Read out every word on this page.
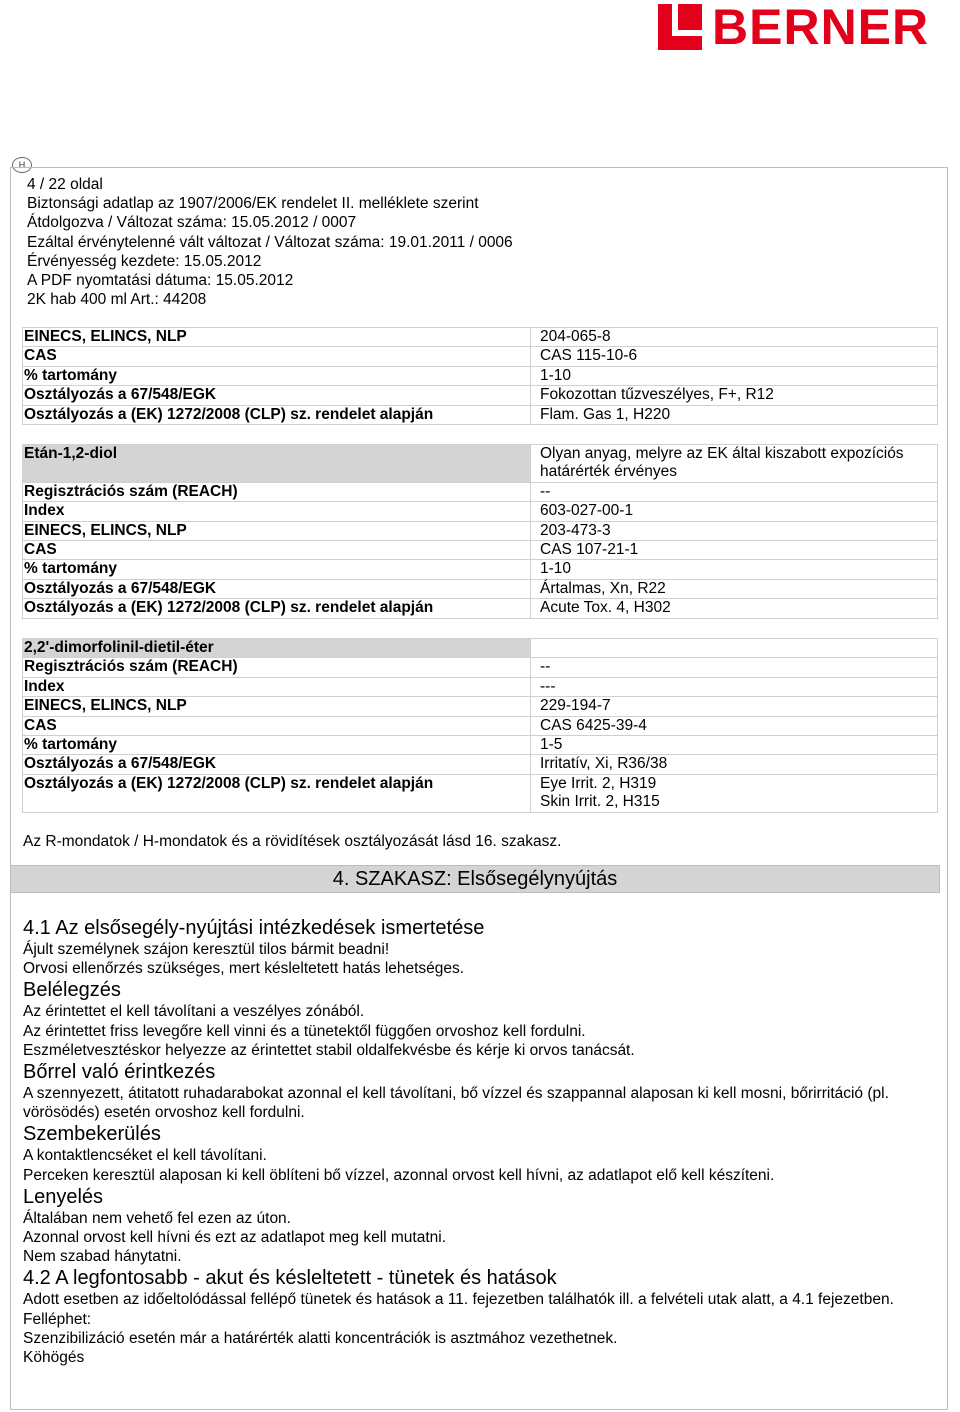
BERNER
H
4 / 22 oldal
Biztonsági adatlap az 1907/2006/EK rendelet II. melléklete szerint
Átdolgozva / Változat száma: 15.05.2012 / 0007
Ezáltal érvénytelenné vált változat / Változat száma: 19.01.2011 / 0006
Érvényesség kezdete: 15.05.2012
A PDF nyomtatási dátuma: 15.05.2012
2K hab 400 ml Art.: 44208
EINECS, ELINCS, NLP	204-065-8
CAS	CAS 115-10-6
% tartomány	1-10
Osztályozás a 67/548/EGK	Fokozottan tűzveszélyes, F+, R12
Osztályozás a (EK) 1272/2008 (CLP) sz. rendelet alapján	Flam. Gas 1, H220
Etán-1,2-diol	Olyan anyag, melyre az EK által kiszabott expozíciós határérték érvényes
Regisztrációs szám (REACH)	--
Index	603-027-00-1
EINECS, ELINCS, NLP	203-473-3
CAS	CAS 107-21-1
% tartomány	1-10
Osztályozás a 67/548/EGK	Ártalmas, Xn, R22
Osztályozás a (EK) 1272/2008 (CLP) sz. rendelet alapján	Acute Tox. 4, H302
2,2'-dimorfolinil-dietil-éter	
Regisztrációs szám (REACH)	--
Index	---
EINECS, ELINCS, NLP	229-194-7
CAS	CAS 6425-39-4
% tartomány	1-5
Osztályozás a 67/548/EGK	Irritatív, Xi, R36/38
Osztályozás a (EK) 1272/2008 (CLP) sz. rendelet alapján	Eye Irrit. 2, H319
Skin Irrit. 2, H315
Az R-mondatok / H-mondatok és a rövidítések osztályozását lásd 16. szakasz.
4. SZAKASZ: Elsősegélynyújtás
4.1 Az elsősegély-nyújtási intézkedések ismertetése
Ájult személynek szájon keresztül tilos bármit beadni!
Orvosi ellenőrzés szükséges, mert késleltetett hatás lehetséges.
Belélegzés
Az érintettet el kell távolítani a veszélyes zónából.
Az érintettet friss levegőre kell vinni és a tünetektől függően orvoshoz kell fordulni.
Eszméletvesztéskor helyezze az érintettet stabil oldalfekvésbe és kérje ki orvos tanácsát.
Bőrrel való érintkezés
A szennyezett, átitatott ruhadarabokat azonnal el kell távolítani, bő vízzel és szappannal alaposan ki kell mosni, bőrirritáció (pl. vörösödés) esetén orvoshoz kell fordulni.
Szembekerülés
A kontaktlencséket el kell távolítani.
Perceken keresztül alaposan ki kell öblíteni bő vízzel, azonnal orvost kell hívni, az adatlapot elő kell készíteni.
Lenyelés
Általában nem vehető fel ezen az úton.
Azonnal orvost kell hívni és ezt az adatlapot meg kell mutatni.
Nem szabad hánytatni.
4.2 A legfontosabb - akut és késleltetett - tünetek és hatások
Adott esetben az időeltolódással fellépő tünetek és hatások a 11. fejezetben találhatók ill. a felvételi utak alatt, a 4.1 fejezetben.
Felléphet:
Szenzibilizáció esetén már a határérték alatti koncentrációk is asztmához vezethetnek.
Köhögés
